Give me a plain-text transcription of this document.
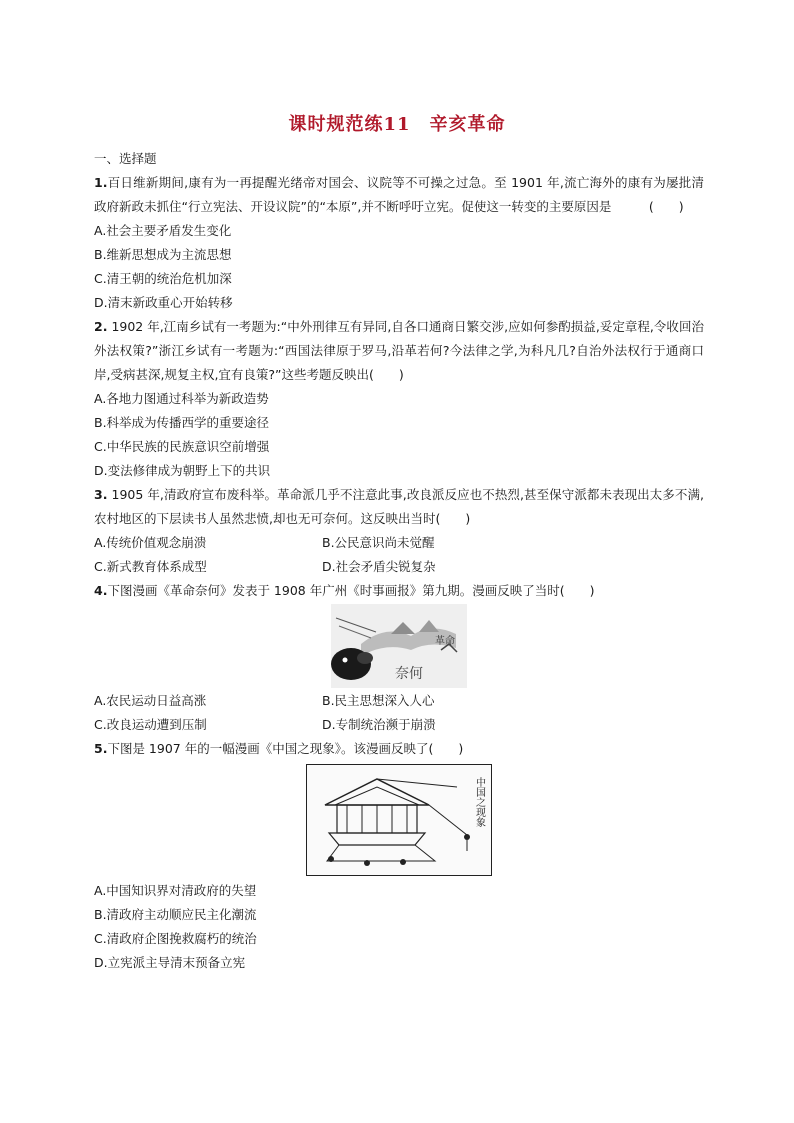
课时规范练11　辛亥革命

一、选择题

1.百日维新期间,康有为一再提醒光绪帝对国会、议院等不可操之过急。至 1901 年,流亡海外的康有为屡批清政府新政未抓住“行立宪法、开设议院”的“本原”,并不断呼吁立宪。促使这一转变的主要原因是　　　(　　)

A.社会主要矛盾发生变化

B.维新思想成为主流思想

C.清王朝的统治危机加深

D.清末新政重心开始转移

2. 1902 年,江南乡试有一考题为:“中外刑律互有异同,自各口通商日繁交涉,应如何参酌损益,妥定章程,令收回治外法权策?”浙江乡试有一考题为:“西国法律原于罗马,沿革若何?今法律之学,为科凡几?自治外法权行于通商口岸,受病甚深,规复主权,宜有良策?”这些考题反映出(　　)

A.各地力图通过科举为新政造势

B.科举成为传播西学的重要途径

C.中华民族的民族意识空前增强

D.变法修律成为朝野上下的共识

3. 1905 年,清政府宣布废科举。革命派几乎不注意此事,改良派反应也不热烈,甚至保守派都未表现出太多不满,农村地区的下层读书人虽然悲愤,却也无可奈何。这反映出当时(　　)

A.传统价值观念崩溃	B.公民意识尚未觉醒
C.新式教育体系成型	D.社会矛盾尖锐复杂

4.下图漫画《革命奈何》发表于 1908 年广州《时事画报》第九期。漫画反映了当时(　　)

革命
奈何
A.农民运动日益高涨	B.民主思想深入人心
C.改良运动遭到压制	D.专制统治濒于崩溃

5.下图是 1907 年的一幅漫画《中国之现象》。该漫画反映了(　　)

中国之现象

A.中国知识界对清政府的失望

B.清政府主动顺应民主化潮流

C.清政府企图挽救腐朽的统治

D.立宪派主导清末预备立宪
